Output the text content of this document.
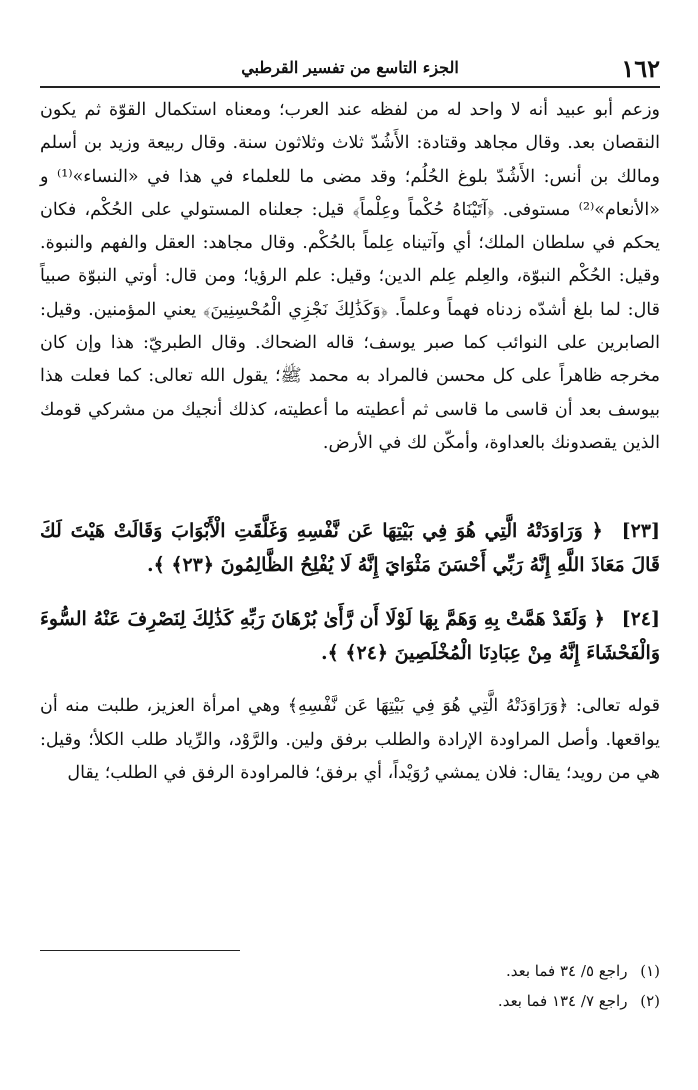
١٦٢
الجزء التاسع من تفسير القرطبي

وزعم أبو عبيد أنه لا واحد له من لفظه عند العرب؛ ومعناه استكمال القوّة ثم يكون النقصان بعد. وقال مجاهد وقتادة: الأَشُدّ ثلاث وثلاثون سنة. وقال ربيعة وزيد بن أسلم ومالك بن أنس: الأَشُدّ بلوغ الحُلُم؛ وقد مضى ما للعلماء في هذا في «النساء»⁽¹⁾ و «الأنعام»⁽²⁾ مستوفى. ﴿آتَيْنَاهُ حُكْماً وعِلْماً﴾ قيل: جعلناه المستولي على الحُكْم، فكان يحكم في سلطان الملك؛ أي وآتيناه عِلماً بالحُكْم. وقال مجاهد: العقل والفهم والنبوة. وقيل: الحُكْم النبوّة، والعِلم عِلم الدين؛ وقيل: علم الرؤيا؛ ومن قال: أوتي النبوّة صبياً قال: لما بلغ أشدّه زدناه فهماً وعلماً. ﴿وَكَذَٰلِكَ نَجْزِي الْمُحْسِنِينَ﴾ يعني المؤمنين. وقيل: الصابرين على النوائب كما صبر يوسف؛ قاله الضحاك. وقال الطبريّ: هذا وإن كان مخرجه ظاهراً على كل محسن فالمراد به محمد ﷺ؛ يقول الله تعالى: كما فعلت هذا بيوسف بعد أن قاسى ما قاسى ثم أعطيته ما أعطيته، كذلك أنجيك من مشركي قومك الذين يقصدونك بالعداوة، وأمكّن لك في الأرض.

[٢٣] ﴿ وَرَاوَدَتْهُ الَّتِي هُوَ فِي بَيْتِهَا عَن نَّفْسِهِ وَغَلَّقَتِ الْأَبْوَابَ وَقَالَتْ هَيْتَ لَكَ قَالَ مَعَاذَ اللَّهِ إِنَّهُ رَبِّي أَحْسَنَ مَثْوَايَ إِنَّهُ لَا يُفْلِحُ الظَّالِمُونَ ﴿٢٣﴾ ﴾.
[٢٤] ﴿ وَلَقَدْ هَمَّتْ بِهِ وَهَمَّ بِهَا لَوْلَا أَن رَّأَىٰ بُرْهَانَ رَبِّهِ كَذَٰلِكَ لِنَصْرِفَ عَنْهُ السُّوءَ وَالْفَحْشَاءَ إِنَّهُ مِنْ عِبَادِنَا الْمُخْلَصِينَ ﴿٢٤﴾ ﴾.

قوله تعالى: ﴿وَرَاوَدَتْهُ الَّتِي هُوَ فِي بَيْتِهَا عَن نَّفْسِهِ﴾ وهي امرأة العزيز، طلبت منه أن يواقعها. وأصل المراودة الإرادة والطلب برفق ولين. والرَّوْد، والرِّياد طلب الكلأ؛ وقيل: هي من رويد؛ يقال: فلان يمشي رُوَيْداً، أي برفق؛ فالمراودة الرفق في الطلب؛ يقال

(١) راجع ٥/ ٣٤ فما بعد.
(٢) راجع ٧/ ١٣٤ فما بعد.
